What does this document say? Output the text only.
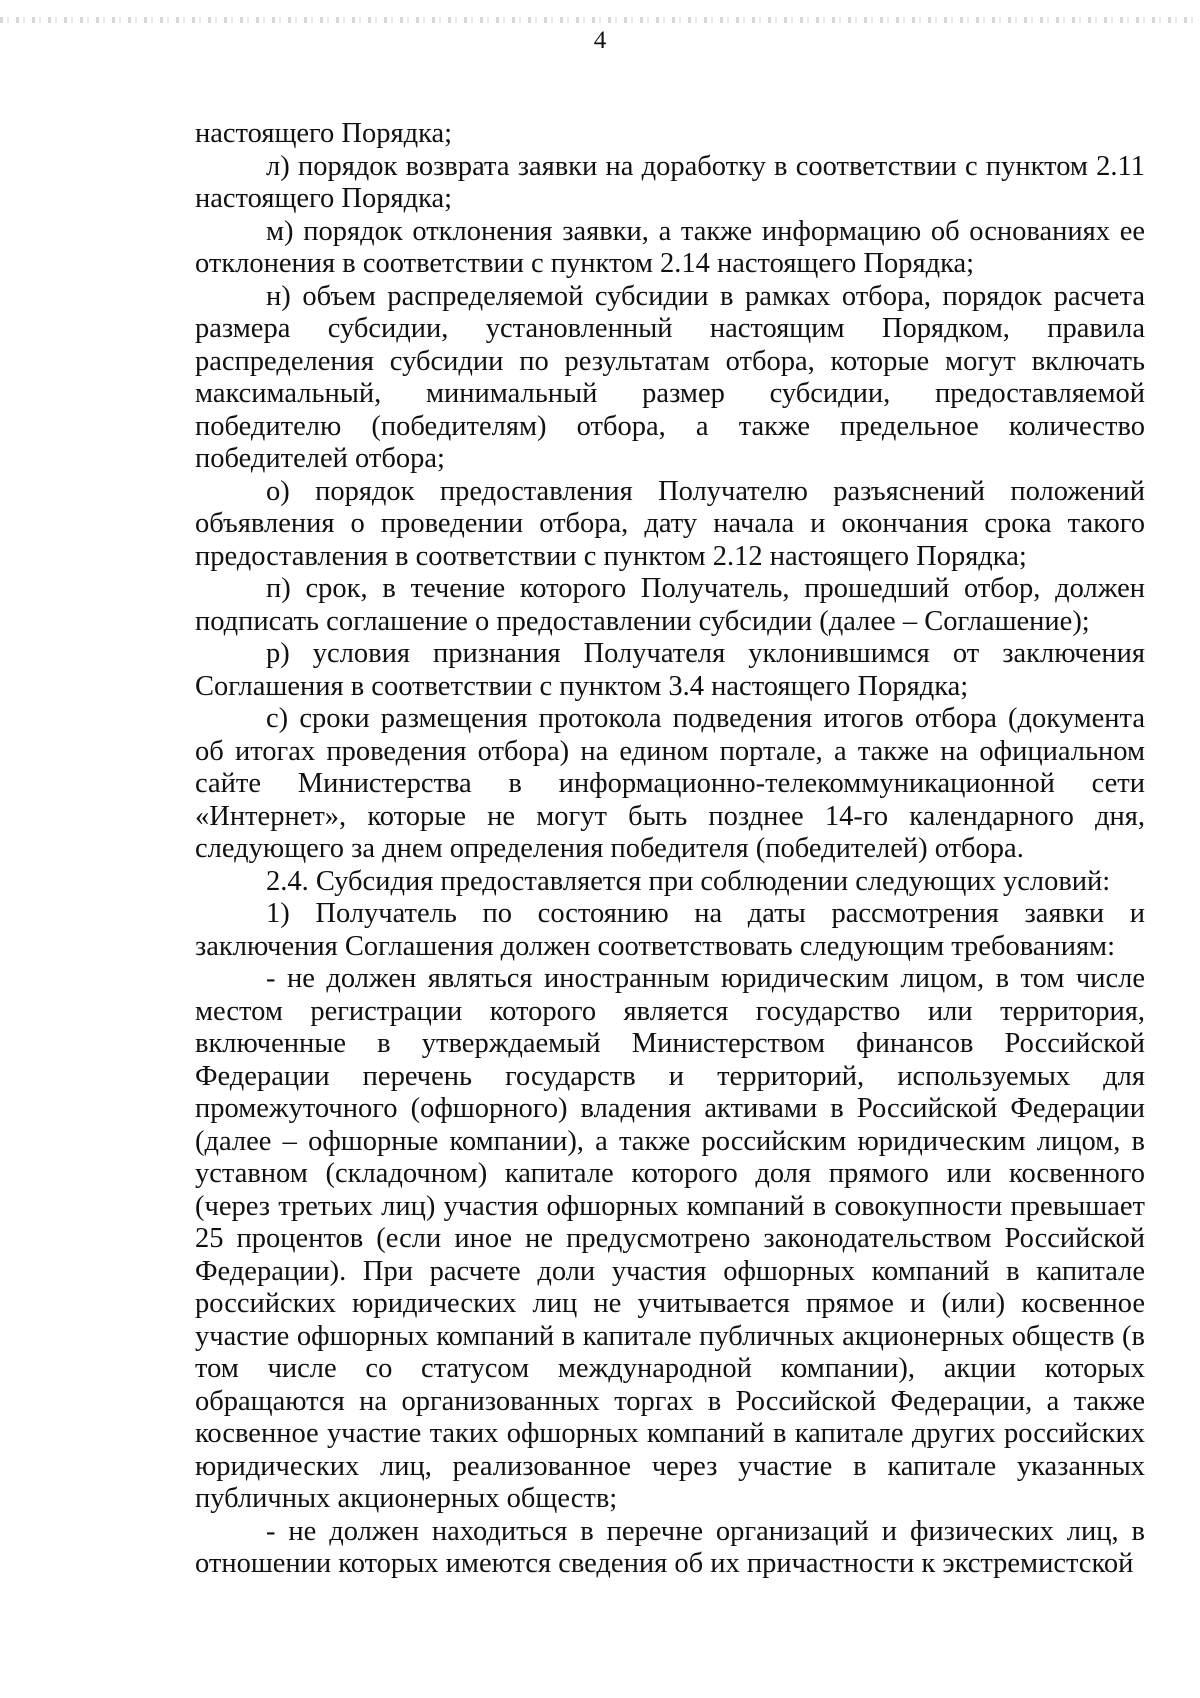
4

настоящего Порядка;

л) порядок возврата заявки на доработку в соответствии с пунктом 2.11 настоящего Порядка;

м) порядок отклонения заявки, а также информацию об основаниях ее отклонения в соответствии с пунктом 2.14 настоящего Порядка;

н) объем распределяемой субсидии в рамках отбора, порядок расчета размера субсидии, установленный настоящим Порядком, правила распределения субсидии по результатам отбора, которые могут включать максимальный, минимальный размер субсидии, предоставляемой победителю (победителям) отбора, а также предельное количество победителей отбора;

о) порядок предоставления Получателю разъяснений положений объявления о проведении отбора, дату начала и окончания срока такого предоставления в соответствии с пунктом 2.12 настоящего Порядка;

п) срок, в течение которого Получатель, прошедший отбор, должен подписать соглашение о предоставлении субсидии (далее – Соглашение);

р) условия признания Получателя уклонившимся от заключения Соглашения в соответствии с пунктом 3.4 настоящего Порядка;

с) сроки размещения протокола подведения итогов отбора (документа об итогах проведения отбора) на едином портале, а также на официальном сайте Министерства в информационно-телекоммуникационной сети «Интернет», которые не могут быть позднее 14-го календарного дня, следующего за днем определения победителя (победителей) отбора.

2.4. Субсидия предоставляется при соблюдении следующих условий:

1) Получатель по состоянию на даты рассмотрения заявки и заключения Соглашения должен соответствовать следующим требованиям:

- не должен являться иностранным юридическим лицом, в том числе местом регистрации которого является государство или территория, включенные в утверждаемый Министерством финансов Российской Федерации перечень государств и территорий, используемых для промежуточного (офшорного) владения активами в Российской Федерации (далее – офшорные компании), а также российским юридическим лицом, в уставном (складочном) капитале которого доля прямого или косвенного (через третьих лиц) участия офшорных компаний в совокупности превышает 25 процентов (если иное не предусмотрено законодательством Российской Федерации). При расчете доли участия офшорных компаний в капитале российских юридических лиц не учитывается прямое и (или) косвенное участие офшорных компаний в капитале публичных акционерных обществ (в том числе со статусом международной компании), акции которых обращаются на организованных торгах в Российской Федерации, а также косвенное участие таких офшорных компаний в капитале других российских юридических лиц, реализованное через участие в капитале указанных публичных акционерных обществ;

- не должен находиться в перечне организаций и физических лиц, в отношении которых имеются сведения об их причастности к экстремистской
